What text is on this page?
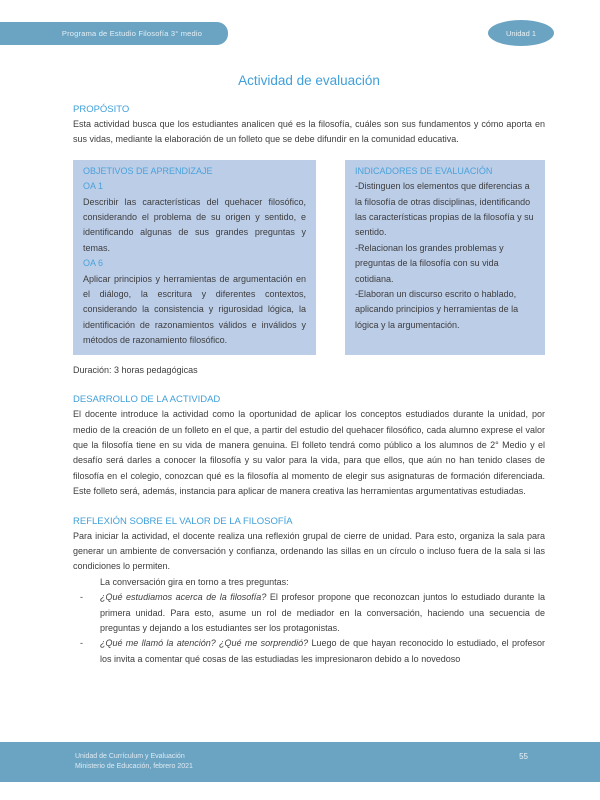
Programa de Estudio Filosofía 3° medio	Unidad 1
Actividad de evaluación
PROPÓSITO

Esta actividad busca que los estudiantes analicen qué es la filosofía, cuáles son sus fundamentos y cómo aporta en sus vidas, mediante la elaboración de un folleto que se debe difundir en la comunidad educativa.

OBJETIVOS DE APRENDIZAJE
OA 1

Describir las características del quehacer filosófico, considerando el problema de su origen y sentido, e identificando algunas de sus grandes preguntas y temas.

OA 6

Aplicar principios y herramientas de argumentación en el diálogo, la escritura y diferentes contextos, considerando la consistencia y rigurosidad lógica, la identificación de razonamientos válidos e inválidos y métodos de razonamiento filosófico.

INDICADORES DE EVALUACIÓN

-Distinguen los elementos que diferencias a la filosofía de otras disciplinas, identificando las características propias de la filosofía y su sentido.

-Relacionan los grandes problemas y preguntas de la filosofía con su vida cotidiana.

-Elaboran un discurso escrito o hablado, aplicando principios y herramientas de la lógica y la argumentación.

Duración: 3 horas pedagógicas

DESARROLLO DE LA ACTIVIDAD

El docente introduce la actividad como la oportunidad de aplicar los conceptos estudiados durante la unidad, por medio de la creación de un folleto en el que, a partir del estudio del quehacer filosófico, cada alumno exprese el valor que la filosofía tiene en su vida de manera genuina. El folleto tendrá como público a los alumnos de 2° Medio y el desafío será darles a conocer la filosofía y su valor para la vida, para que ellos, que aún no han tenido clases de filosofía en el colegio, conozcan qué es la filosofía al momento de elegir sus asignaturas de formación diferenciada. Este folleto será, además, instancia para aplicar de manera creativa las herramientas argumentativas estudiadas.

REFLEXIÓN SOBRE EL VALOR DE LA FILOSOFÍA

Para iniciar la actividad, el docente realiza una reflexión grupal de cierre de unidad. Para esto, organiza la sala para generar un ambiente de conversación y confianza, ordenando las sillas en un círculo o incluso fuera de la sala si las condiciones lo permiten.

La conversación gira en torno a tres preguntas:

-	¿Qué estudiamos acerca de la filosofía? El profesor propone que reconozcan juntos lo estudiado durante la primera unidad. Para esto, asume un rol de mediador en la conversación, haciendo una secuencia de preguntas y dejando a los estudiantes ser los protagonistas.

-	¿Qué me llamó la atención? ¿Qué me sorprendió? Luego de que hayan reconocido lo estudiado, el profesor los invita a comentar qué cosas de las estudiadas les impresionaron debido a lo novedoso

Unidad de Currículum y Evaluación
Ministerio de Educación, febrero 2021
55
